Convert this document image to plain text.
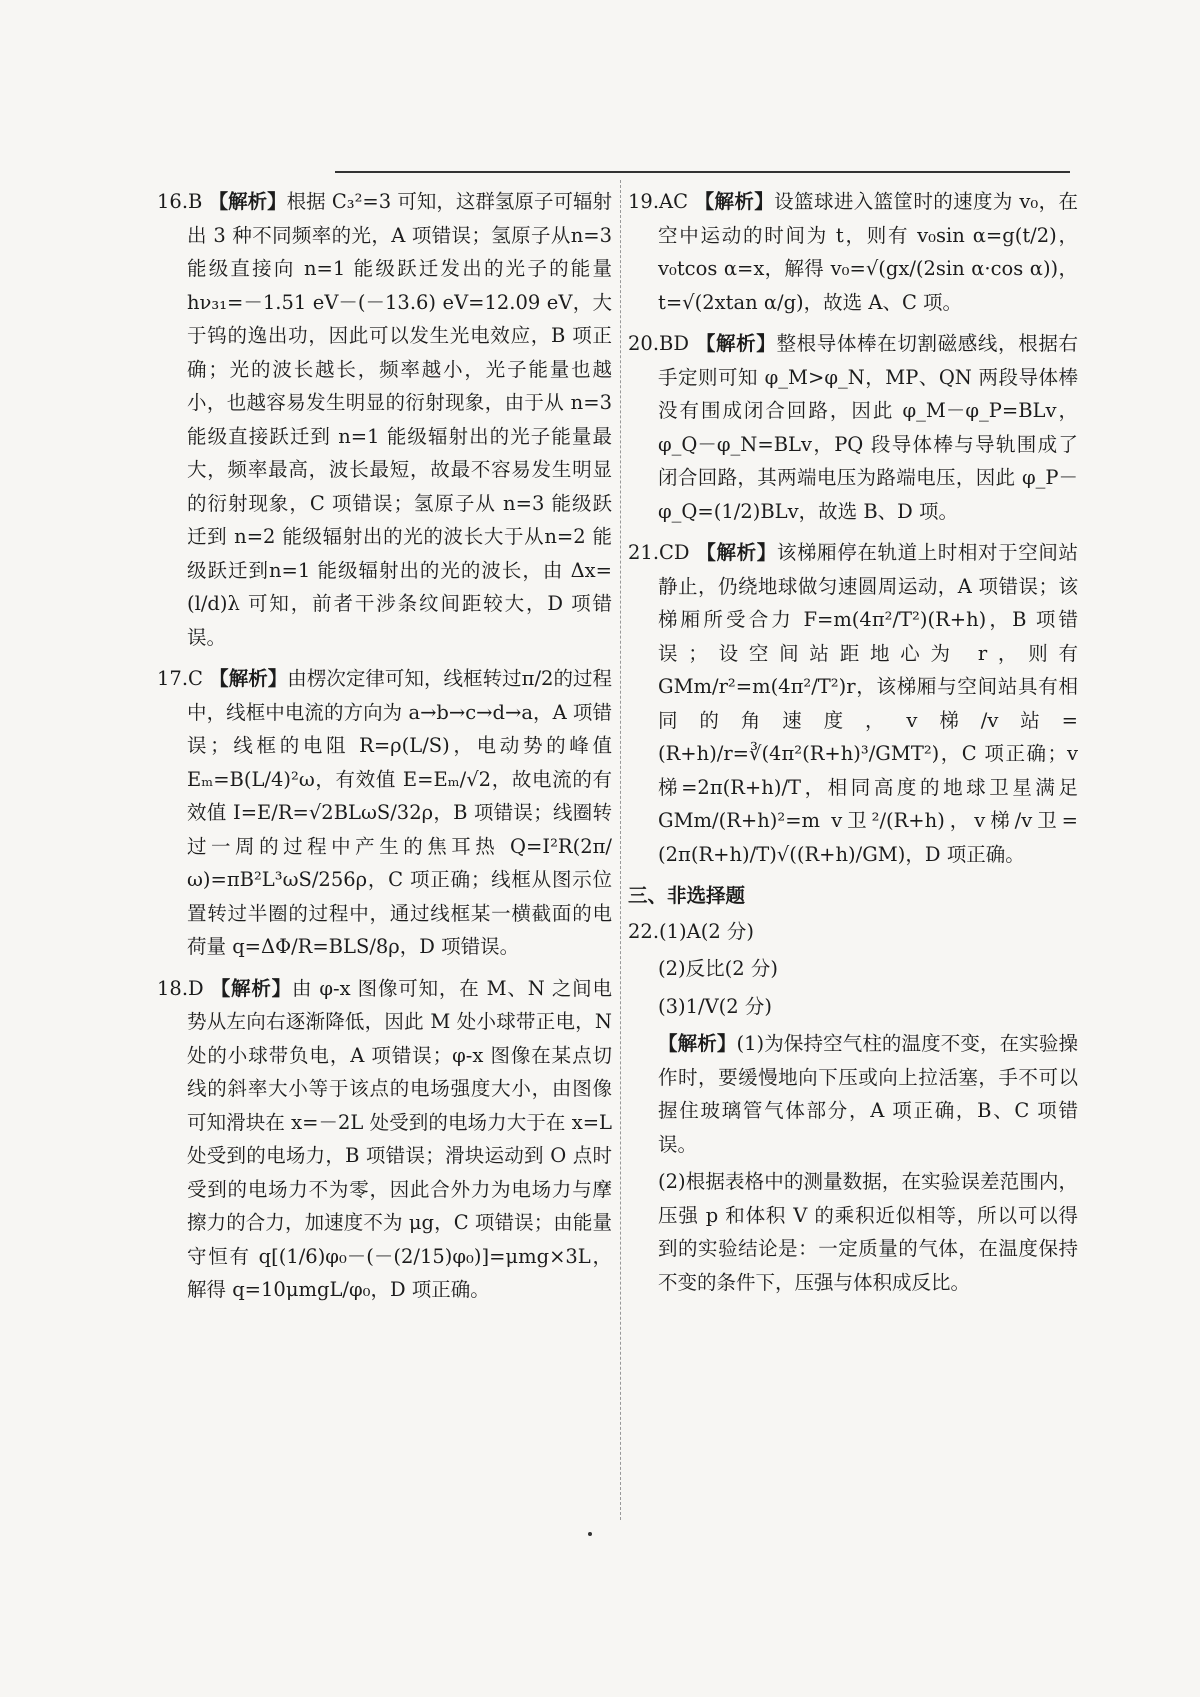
16.B 【解析】根据 C₃²=3 可知，这群氢原子可辐射出 3 种不同频率的光，A 项错误；氢原子从n=3 能级直接向 n=1 能级跃迁发出的光子的能量 hν₃₁=－1.51 eV－(－13.6) eV=12.09 eV，大于钨的逸出功，因此可以发生光电效应，B 项正确；光的波长越长，频率越小，光子能量也越小，也越容易发生明显的衍射现象，由于从 n=3 能级直接跃迁到 n=1 能级辐射出的光子能量最大，频率最高，波长最短，故最不容易发生明显的衍射现象，C 项错误；氢原子从 n=3 能级跃迁到 n=2 能级辐射出的光的波长大于从n=2 能级跃迁到n=1 能级辐射出的光的波长，由 Δx=(l/d)λ 可知，前者干涉条纹间距较大，D 项错误。

17.C 【解析】由楞次定律可知，线框转过π/2的过程中，线框中电流的方向为 a→b→c→d→a，A 项错误；线框的电阻 R=ρ(L/S)，电动势的峰值 Eₘ=B(L/4)²ω，有效值 E=Eₘ/√2，故电流的有效值 I=E/R=√2BLωS/32ρ，B 项错误；线圈转过一周的过程中产生的焦耳热 Q=I²R(2π/ω)=πB²L³ωS/256ρ，C 项正确；线框从图示位置转过半圈的过程中，通过线框某一横截面的电荷量 q=ΔΦ/R=BLS/8ρ，D 项错误。

18.D 【解析】由 φ-x 图像可知，在 M、N 之间电势从左向右逐渐降低，因此 M 处小球带正电，N 处的小球带负电，A 项错误；φ-x 图像在某点切线的斜率大小等于该点的电场强度大小，由图像可知滑块在 x=－2L 处受到的电场力大于在 x=L 处受到的电场力，B 项错误；滑块运动到 O 点时受到的电场力不为零，因此合外力为电场力与摩擦力的合力，加速度不为 μg，C 项错误；由能量守恒有 q[(1/6)φ₀－(－(2/15)φ₀)]=μmg×3L，解得 q=10μmgL/φ₀，D 项正确。

19.AC 【解析】设篮球进入篮筐时的速度为 v₀，在空中运动的时间为 t，则有 v₀sin α=g(t/2)，v₀tcos α=x，解得 v₀=√(gx/(2sin α·cos α))，t=√(2xtan α/g)，故选 A、C 项。

20.BD 【解析】整根导体棒在切割磁感线，根据右手定则可知 φ_M>φ_N，MP、QN 两段导体棒没有围成闭合回路，因此 φ_M－φ_P=BLv，φ_Q－φ_N=BLv，PQ 段导体棒与导轨围成了闭合回路，其两端电压为路端电压，因此 φ_P－φ_Q=(1/2)BLv，故选 B、D 项。

21.CD 【解析】该梯厢停在轨道上时相对于空间站静止，仍绕地球做匀速圆周运动，A 项错误；该梯厢所受合力 F=m(4π²/T²)(R+h)，B 项错误；设空间站距地心为 r，则有 GMm/r²=m(4π²/T²)r，该梯厢与空间站具有相同的角速度，v梯/v站=(R+h)/r=∛(4π²(R+h)³/GMT²)，C 项正确；v梯=2π(R+h)/T，相同高度的地球卫星满足 GMm/(R+h)²=m v卫²/(R+h)，v梯/v卫=(2π(R+h)/T)√((R+h)/GM)，D 项正确。

三、非选择题

22.(1)A(2 分)

(2)反比(2 分)

(3)1/V(2 分)

【解析】(1)为保持空气柱的温度不变，在实验操作时，要缓慢地向下压或向上拉活塞，手不可以握住玻璃管气体部分，A 项正确，B、C 项错误。

(2)根据表格中的测量数据，在实验误差范围内，压强 p 和体积 V 的乘积近似相等，所以可以得到的实验结论是：一定质量的气体，在温度保持不变的条件下，压强与体积成反比。
